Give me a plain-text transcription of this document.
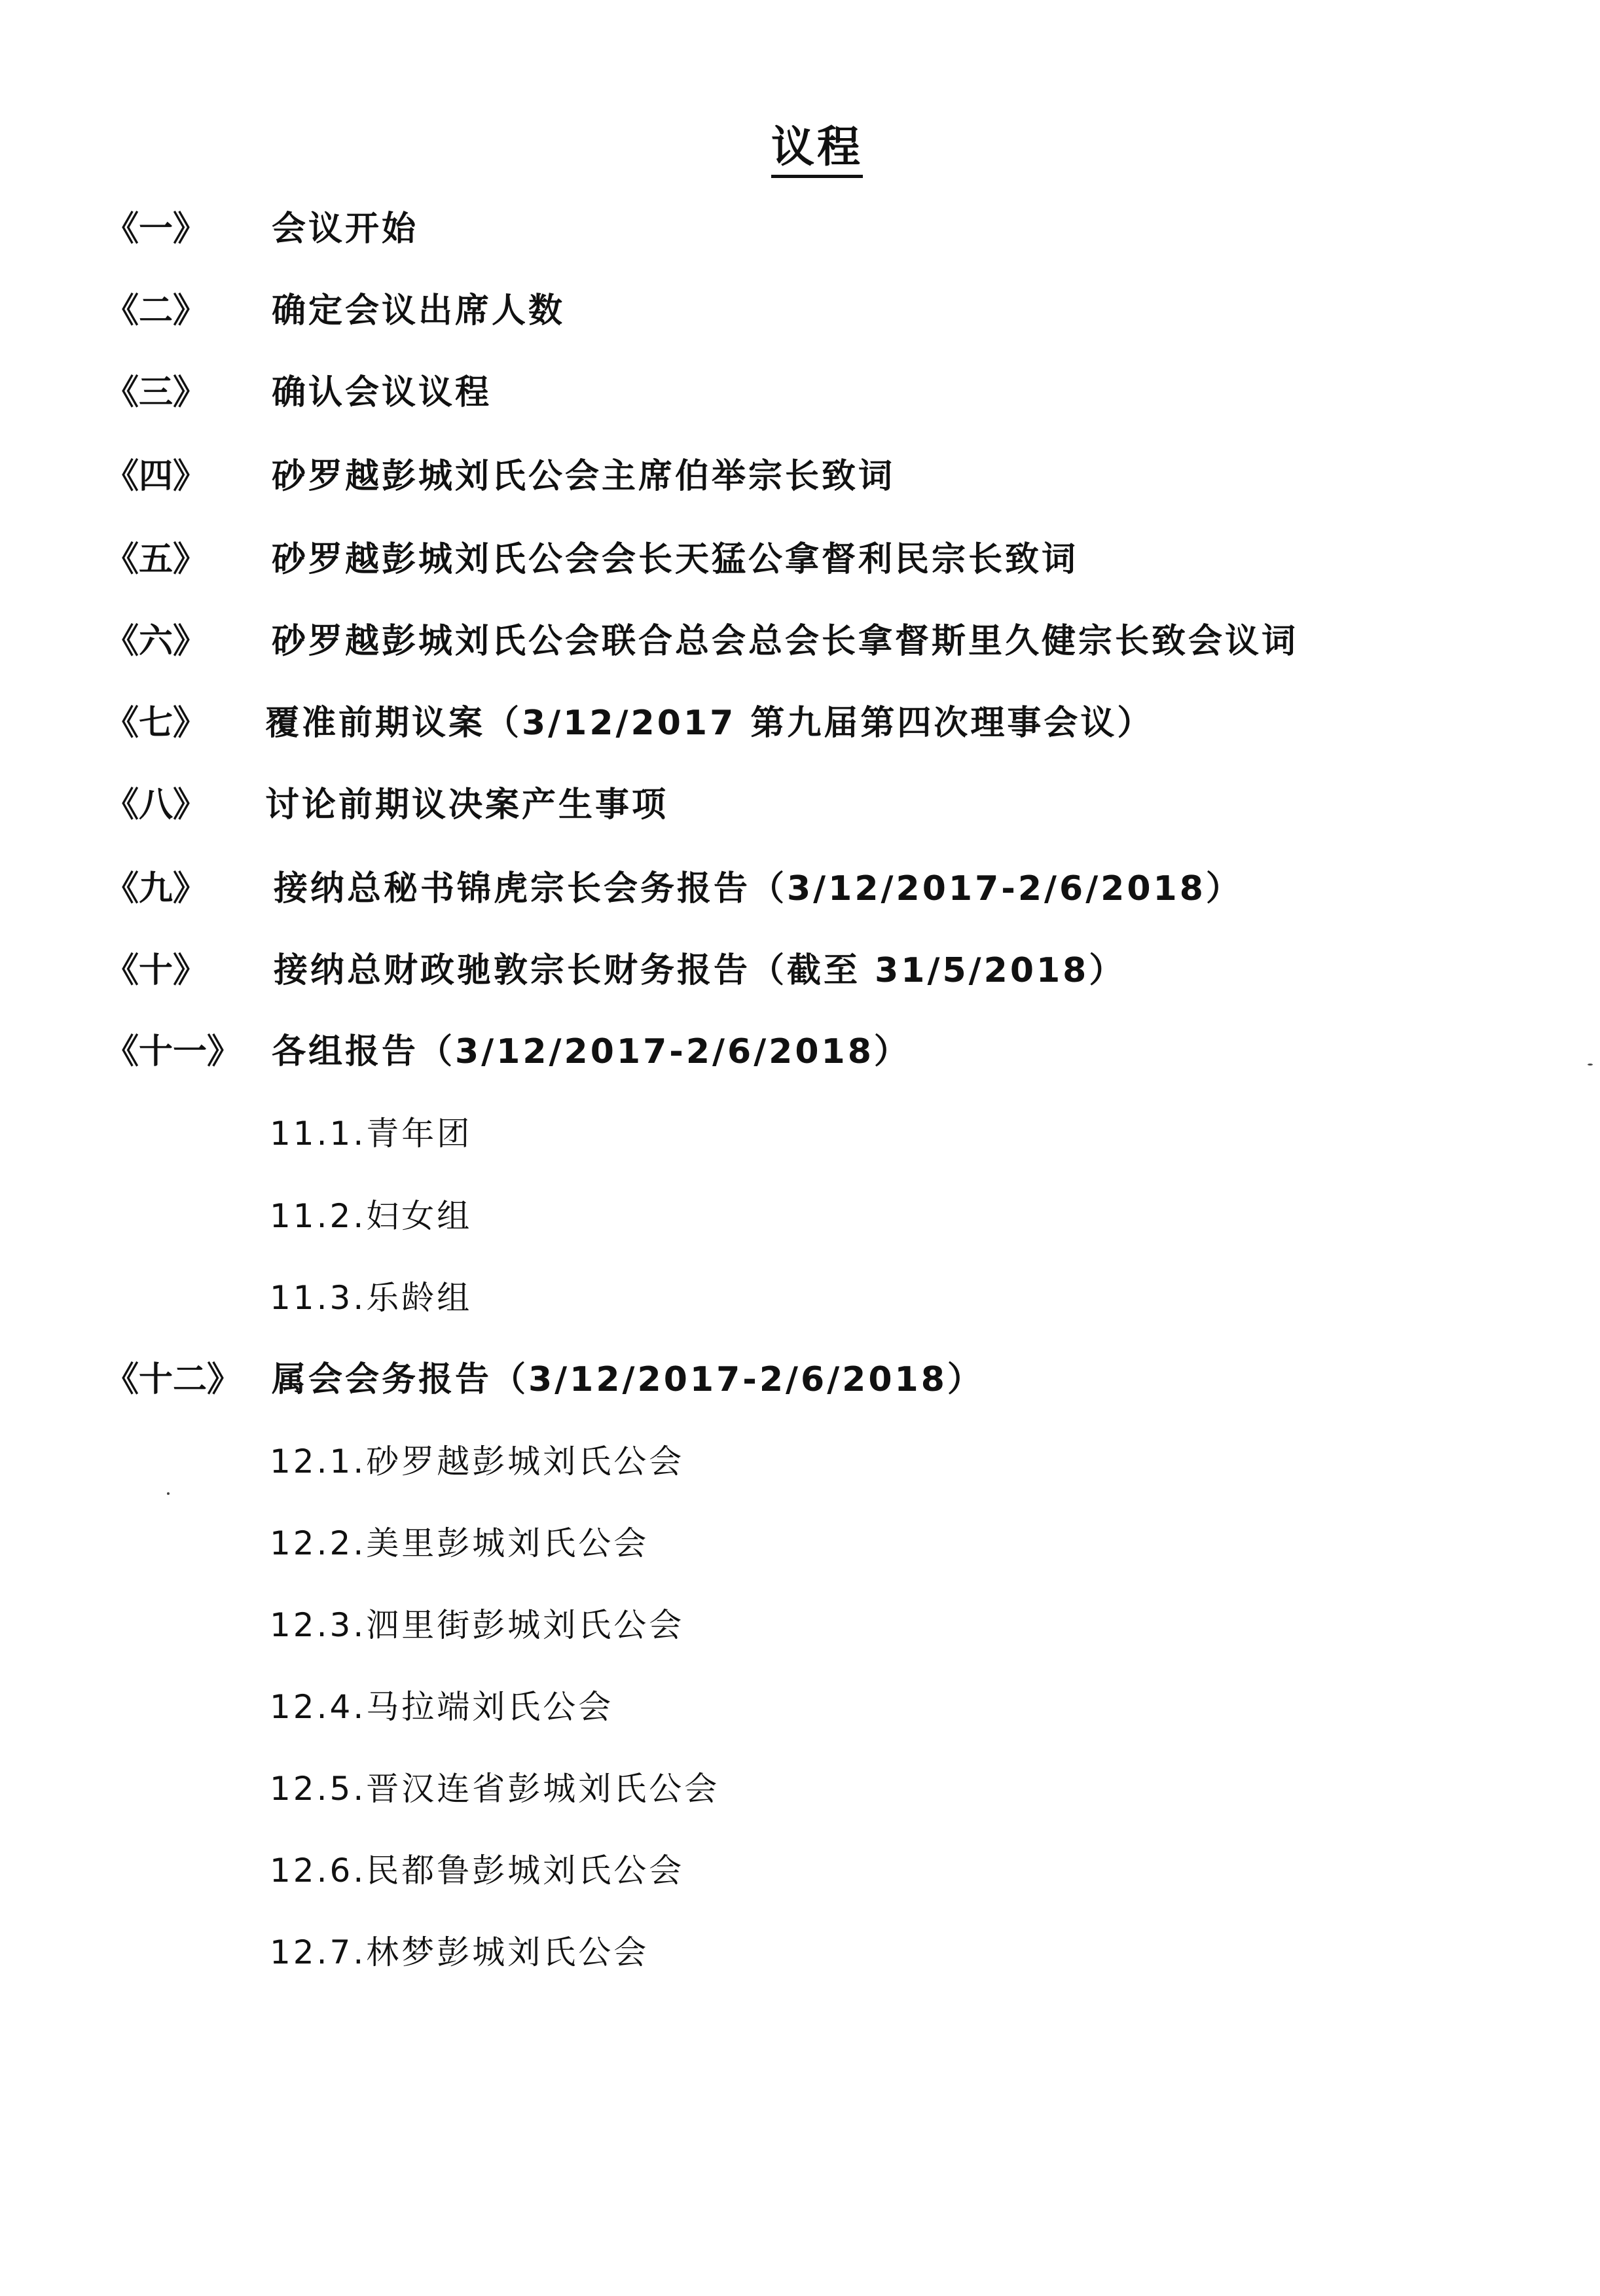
议程
《一》 会议开始
《二》 确定会议出席人数
《三》 确认会议议程
《四》 砂罗越彭城刘氏公会主席伯举宗长致词
《五》 砂罗越彭城刘氏公会会长天猛公拿督利民宗长致词
《六》 砂罗越彭城刘氏公会联合总会总会长拿督斯里久健宗长致会议词
《七》 覆准前期议案（3/12/2017 第九届第四次理事会议）
《八》 讨论前期议决案产生事项
《九》 接纳总秘书锦虎宗长会务报告（3/12/2017-2/6/2018）
《十》 接纳总财政驰敦宗长财务报告（截至 31/5/2018）
《十一》 各组报告（3/12/2017-2/6/2018）
11.1.青年团
11.2.妇女组
11.3.乐龄组
《十二》 属会会务报告（3/12/2017-2/6/2018）
12.1.砂罗越彭城刘氏公会
12.2.美里彭城刘氏公会
12.3.泗里街彭城刘氏公会
12.4.马拉端刘氏公会
12.5.晋汉连省彭城刘氏公会
12.6.民都鲁彭城刘氏公会
12.7.林梦彭城刘氏公会
